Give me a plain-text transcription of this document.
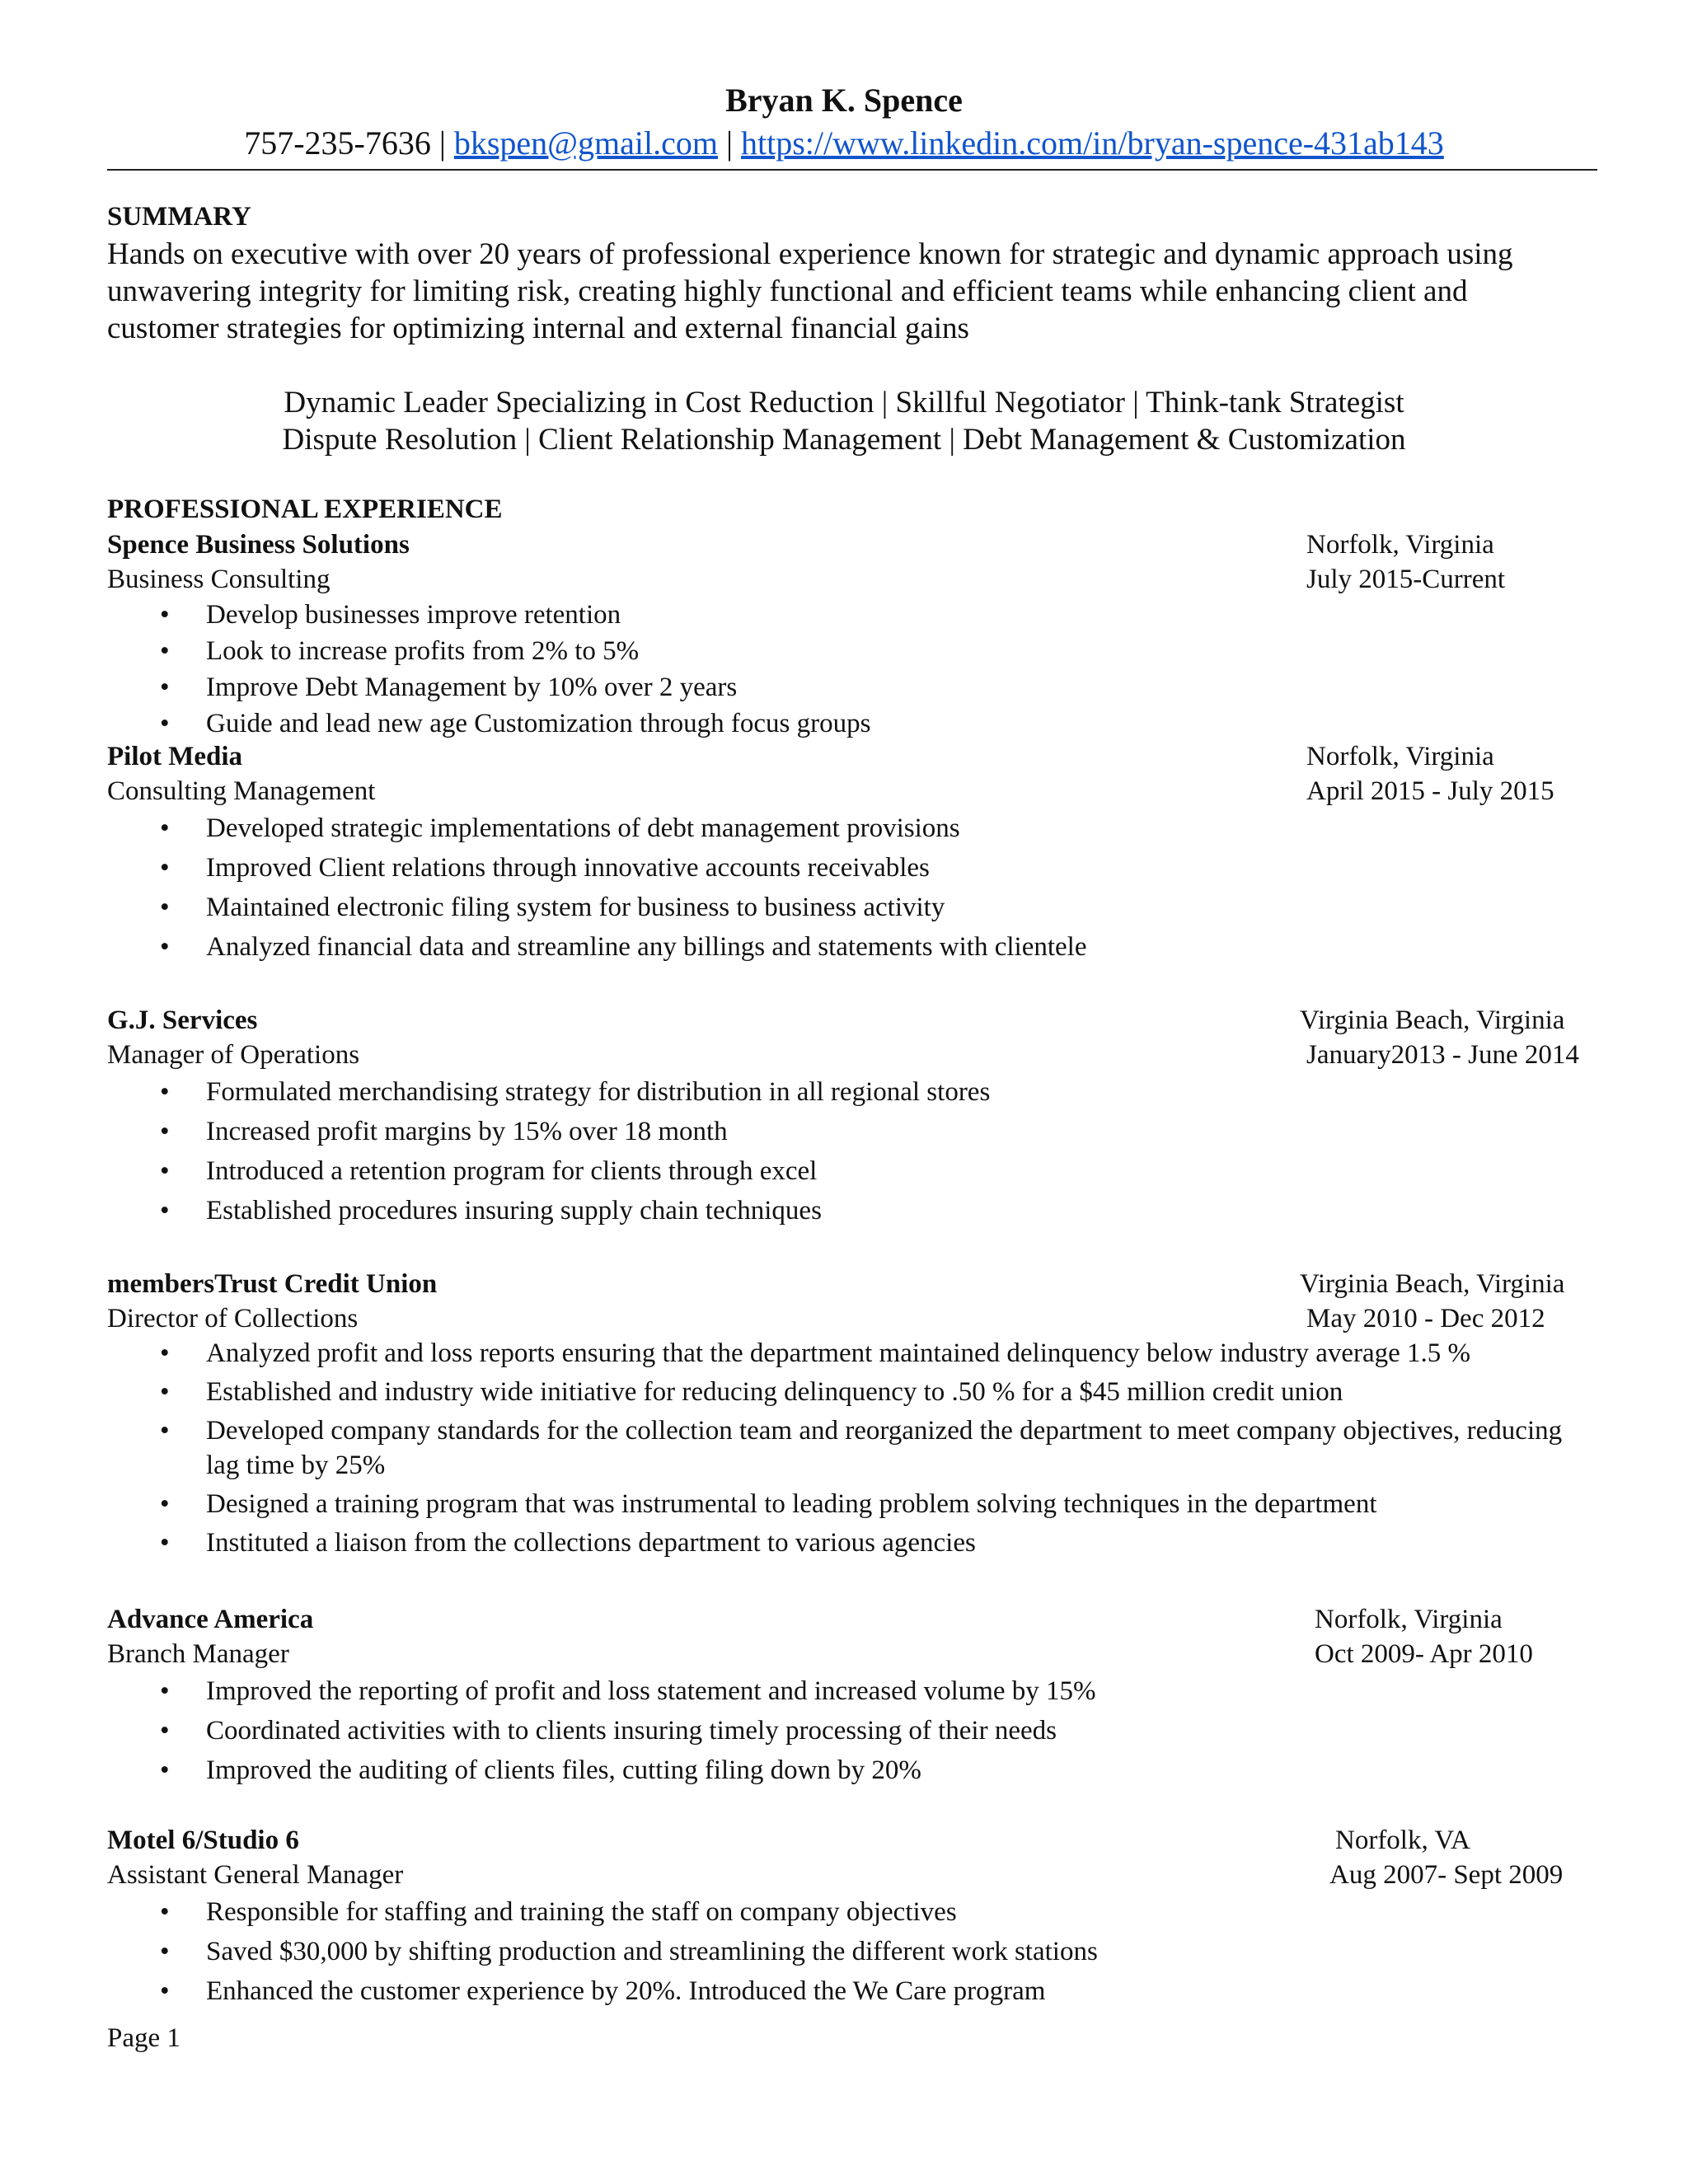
Bryan K. Spence
757-235-7636 | bkspen@gmail.com | https://www.linkedin.com/in/bryan-spence-431ab143
SUMMARY
Hands on executive with over 20 years of professional experience known for strategic and dynamic approach using unwavering integrity for limiting risk, creating highly functional and efficient teams while enhancing client and customer strategies for optimizing internal and external financial gains
Dynamic Leader Specializing in Cost Reduction | Skillful Negotiator | Think-tank Strategist
Dispute Resolution | Client Relationship Management | Debt Management & Customization
PROFESSIONAL EXPERIENCE
Spence Business Solutions	Norfolk, Virginia
Business Consulting	July 2015-Current
• Develop businesses improve retention
• Look to increase profits from 2% to 5%
• Improve Debt Management by 10% over 2 years
• Guide and lead new age Customization through focus groups
Pilot Media	Norfolk, Virginia
Consulting Management	April 2015 - July 2015
• Developed strategic implementations of debt management provisions
• Improved Client relations through innovative accounts receivables
• Maintained electronic filing system for business to business activity
• Analyzed financial data and streamline any billings and statements with clientele
G.J. Services	Virginia Beach, Virginia
Manager of Operations	January2013 - June 2014
• Formulated merchandising strategy for distribution in all regional stores
• Increased profit margins by 15% over 18 month
• Introduced a retention program for clients through excel
• Established procedures insuring supply chain techniques
membersTrust Credit Union	Virginia Beach, Virginia
Director of Collections	May 2010 - Dec 2012
• Analyzed profit and loss reports ensuring that the department maintained delinquency below industry average 1.5 %
• Established and industry wide initiative for reducing delinquency to .50 % for a $45 million credit union
• Developed company standards for the collection team and reorganized the department to meet company objectives, reducing lag time by 25%
• Designed a training program that was instrumental to leading problem solving techniques in the department
• Instituted a liaison from the collections department to various agencies
Advance America	Norfolk, Virginia
Branch Manager	Oct 2009- Apr 2010
• Improved the reporting of profit and loss statement and increased volume by 15%
• Coordinated activities with to clients insuring timely processing of their needs
• Improved the auditing of clients files, cutting filing down by 20%
Motel 6/Studio 6	Norfolk, VA
Assistant General Manager	Aug 2007- Sept 2009
• Responsible for staffing and training the staff on company objectives
• Saved $30,000 by shifting production and streamlining the different work stations
• Enhanced the customer experience by 20%. Introduced the We Care program
Page 1
